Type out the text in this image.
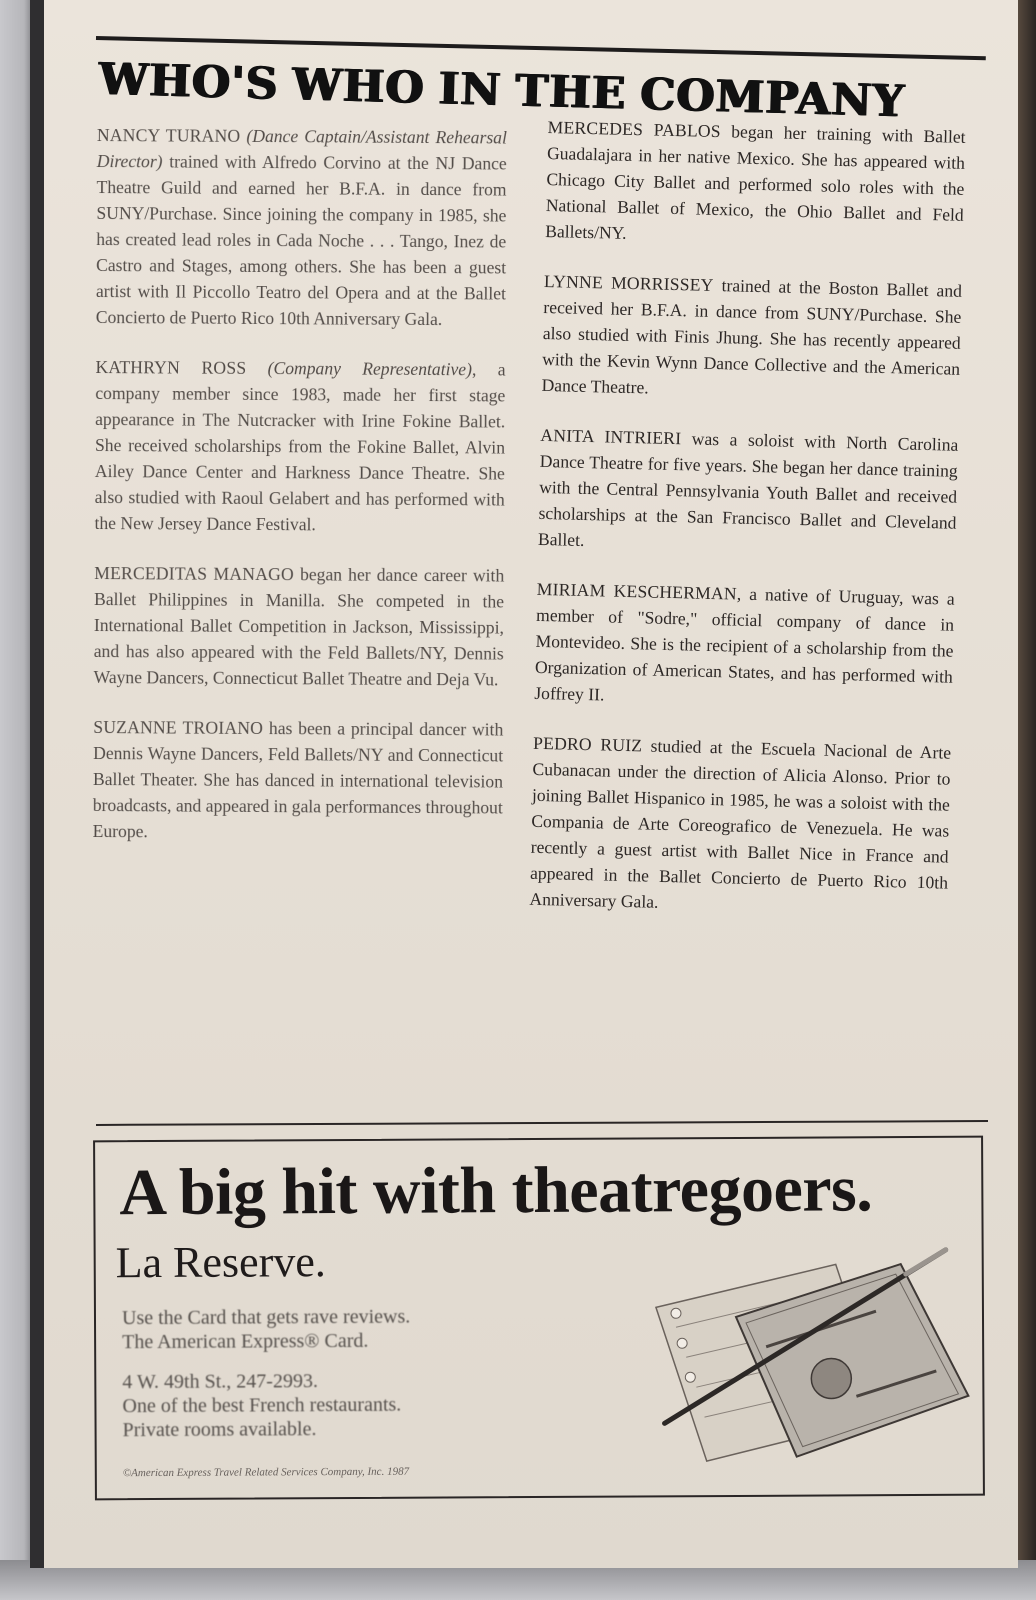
WHO'S WHO IN THE COMPANY

NANCY TURANO (Dance Captain/Assistant Rehearsal Director) trained with Alfredo Corvino at the NJ Dance Theatre Guild and earned her B.F.A. in dance from SUNY/Purchase. Since joining the company in 1985, she has created lead roles in Cada Noche . . . Tango, Inez de Castro and Stages, among others. She has been a guest artist with Il Piccollo Teatro del Opera and at the Ballet Concierto de Puerto Rico 10th Anniversary Gala.

KATHRYN ROSS (Company Representative), a company member since 1983, made her first stage appearance in The Nutcracker with Irine Fokine Ballet. She received scholarships from the Fokine Ballet, Alvin Ailey Dance Center and Harkness Dance Theatre. She also studied with Raoul Gelabert and has performed with the New Jersey Dance Festival.

MERCEDITAS MANAGO began her dance career with Ballet Philippines in Manilla. She competed in the International Ballet Competition in Jackson, Mississippi, and has also appeared with the Feld Ballets/NY, Dennis Wayne Dancers, Connecticut Ballet Theatre and Deja Vu.

SUZANNE TROIANO has been a principal dancer with Dennis Wayne Dancers, Feld Ballets/NY and Connecticut Ballet Theater. She has danced in international television broadcasts, and appeared in gala performances throughout Europe.

MERCEDES PABLOS began her training with Ballet Guadalajara in her native Mexico. She has appeared with Chicago City Ballet and performed solo roles with the National Ballet of Mexico, the Ohio Ballet and Feld Ballets/NY.

LYNNE MORRISSEY trained at the Boston Ballet and received her B.F.A. in dance from SUNY/Purchase. She also studied with Finis Jhung. She has recently appeared with the Kevin Wynn Dance Collective and the American Dance Theatre.

ANITA INTRIERI was a soloist with North Carolina Dance Theatre for five years. She began her dance training with the Central Pennsylvania Youth Ballet and received scholarships at the San Francisco Ballet and Cleveland Ballet.

MIRIAM KESCHERMAN, a native of Uruguay, was a member of "Sodre," official company of dance in Montevideo. She is the recipient of a scholarship from the Organization of American States, and has performed with Joffrey II.

PEDRO RUIZ studied at the Escuela Nacional de Arte Cubanacan under the direction of Alicia Alonso. Prior to joining Ballet Hispanico in 1985, he was a soloist with the Compania de Arte Coreografico de Venezuela. He was recently a guest artist with Ballet Nice in France and appeared in the Ballet Concierto de Puerto Rico 10th Anniversary Gala.

A big hit with theatregoers.
La Reserve.
Use the Card that gets rave reviews.
The American Express® Card.
4 W. 49th St., 247-2993.
One of the best French restaurants.
Private rooms available.
©American Express Travel Related Services Company, Inc. 1987
